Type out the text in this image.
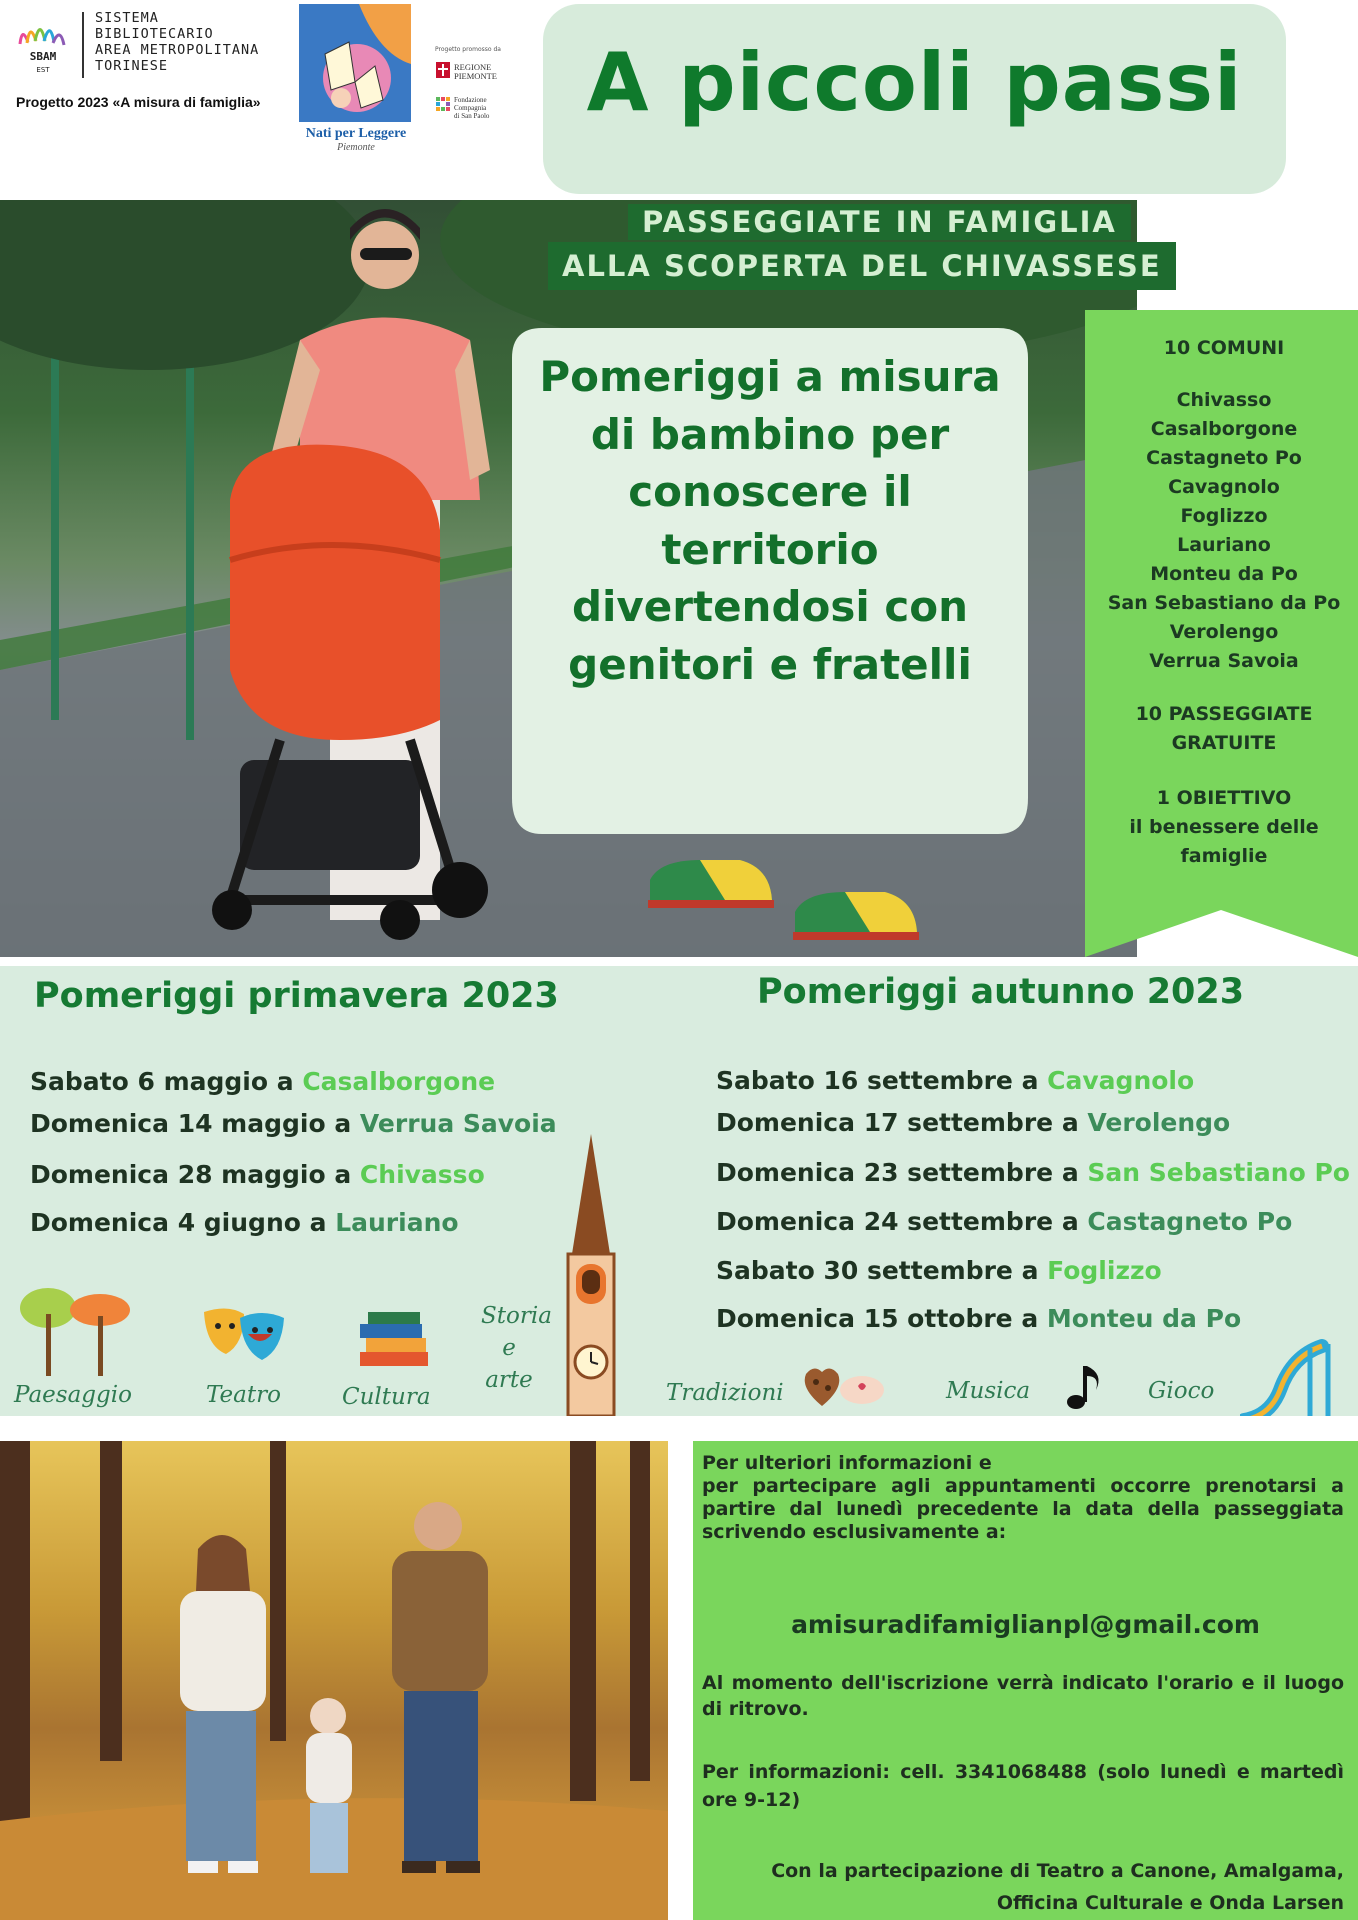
SBAM
EST
SISTEMA
BIBLIOTECARIO
AREA METROPOLITANA
TORINESE
Progetto 2023 «A misura di famiglia»
Nati per Leggere
Piemonte
Progetto promosso da
REGIONE
PIEMONTE
Fondazione
Compagnia
di San Paolo	A piccoli passi
PASSEGGIATE IN FAMIGLIA
ALLA SCOPERTA DEL CHIVASSESE
Pomeriggi a misura
di bambino per
conoscere il
territorio
divertendosi con
genitori e fratelli
10 COMUNI
Chivasso
Casalborgone
Castagneto Po
Cavagnolo
Foglizzo
Lauriano
Monteu da Po
San Sebastiano da Po
Verolengo
Verrua Savoia
10 PASSEGGIATE
GRATUITE
1 OBIETTIVO
il benessere delle
famiglie
Pomeriggi primavera 2023	Pomeriggi autunno 2023
Sabato 6 maggio a Casalborgone
Domenica 14 maggio a Verrua Savoia
Domenica 28 maggio a Chivasso
Domenica 4 giugno a Lauriano
Sabato 16 settembre a Cavagnolo
Domenica 17 settembre a Verolengo
Domenica 23 settembre a San Sebastiano Po
Domenica 24 settembre a Castagneto Po
Sabato 30 settembre a Foglizzo
Domenica 15 ottobre a Monteu da Po
Paesaggio	Teatro	Cultura
Storia
e
arte	Tradizioni	Musica	Gioco
Per ulteriori informazioni e
per partecipare agli appuntamenti occorre prenotarsi a partire dal lunedì precedente la data della passeggiata scrivendo esclusivamente a:
amisuradifamiglianpl@gmail.com
Al momento dell'iscrizione verrà indicato l'orario e il luogo di ritrovo.
Per informazioni: cell. 3341068488 (solo lunedì e martedì ore 9-12)
Con la partecipazione di Teatro a Canone, Amalgama,
Officina Culturale e Onda Larsen
